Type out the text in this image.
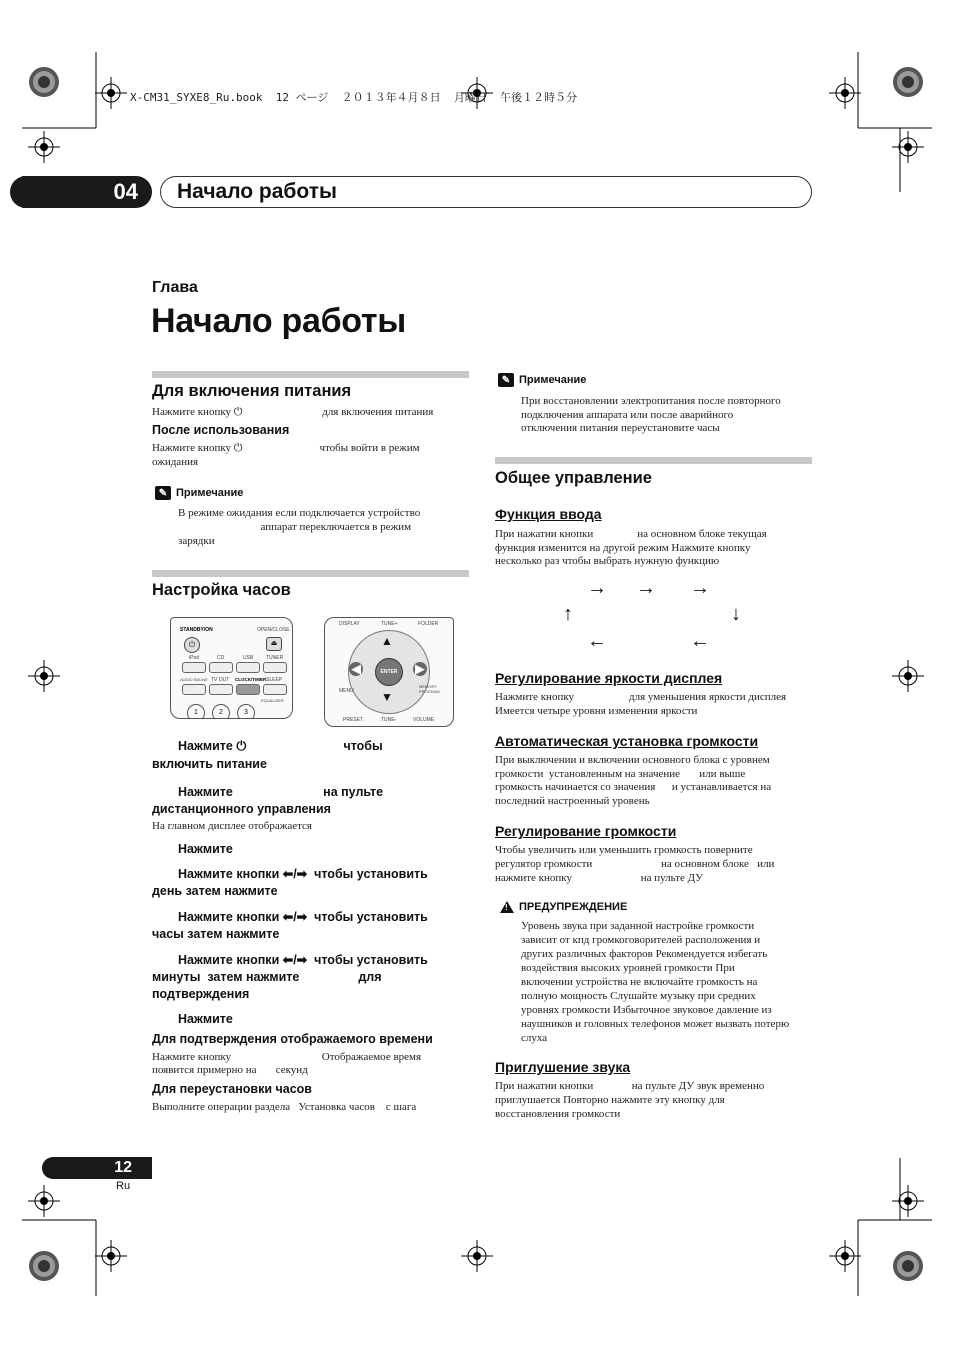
X-CM31_SYXE8_Ru.book  12 ページ  ２０１３年４月８日  月曜日  午後１２時５分
04	Начало работы
Глава
Начало работы
Для включения питания
Нажмите кнопку ⏻                             для включения питания
После использования
Нажмите кнопку ⏻                            чтобы войти в режим
ожидания
✎ Примечание
В режиме ожидания если подключается устройство
аппарат переключается в режим
зарядки
Настройка часов
STANDBY/ON	OPEN/CLOSE
⏻	⏏
iPod	CD	USB	TUNER
AUDIO IN/LINE TV OUT CLOCK/TIMER SLEEP
EQUALIZER
1	2	3
DISPLAY	TUNE+	FOLDER
▲
▼
◀	▶
ENTER
MENU
MEMORY PROGRAM
PRESET	TUNE-	VOLUME
Нажмите ⏻                            чтобы
включить питание
Нажмите                          на пульте
дистанционного управления
На главном дисплее отображается
Нажмите
Нажмите кнопки ⬅/➡  чтобы установить
день затем нажмите
Нажмите кнопки ⬅/➡  чтобы установить
часы затем нажмите
Нажмите кнопки ⬅/➡  чтобы установить
минуты  затем нажмите                 для
подтверждения
Нажмите
Для подтверждения отображаемого времени
Нажмите кнопку                                 Отображаемое время
появится примерно на       секунд
Для переустановки часов
Выполните операции раздела   Установка часов    с шага
✎ Примечание
При восстановлении электропитания после повторного
подключения аппарата или после аварийного
отключения питания переустановите часы
Общее управление
Функция ввода
При нажатии кнопки                на основном блоке текущая
функция изменится на другой режим Нажмите кнопку
несколько раз чтобы выбрать нужную функцию
→ → →
↑	↓
←	←
Регулирование яркости дисплея
Нажмите кнопку                    для уменьшения яркости дисплея
Имеется четыре уровня изменения яркости
Автоматическая установка громкости
При выключении и включении основного блока с уровнем
громкости  установленным на значение       или выше
громкость начинается со значения      и устанавливается на
последний настроенный уровень
Регулирование громкости
Чтобы увеличить или уменьшить громкость поверните
регулятор громкости                         на основном блоке   или
нажмите кнопку                         на пульте ДУ
! ПРЕДУПРЕЖДЕНИЕ
Уровень звука при заданной настройке громкости
зависит от кпд громкоговорителей расположения и
других различных факторов Рекомендуется избегать
воздействия высоких уровней громкости При
включении устройства не включайте громкость на
полную мощность Слушайте музыку при средних
уровнях громкости Избыточное звуковое давление из
наушников и головных телефонов может вызвать потерю
слуха
Приглушение звука
При нажатии кнопки              на пульте ДУ звук временно
приглушается Повторно нажмите эту кнопку для
восстановления громкости
12
Ru
